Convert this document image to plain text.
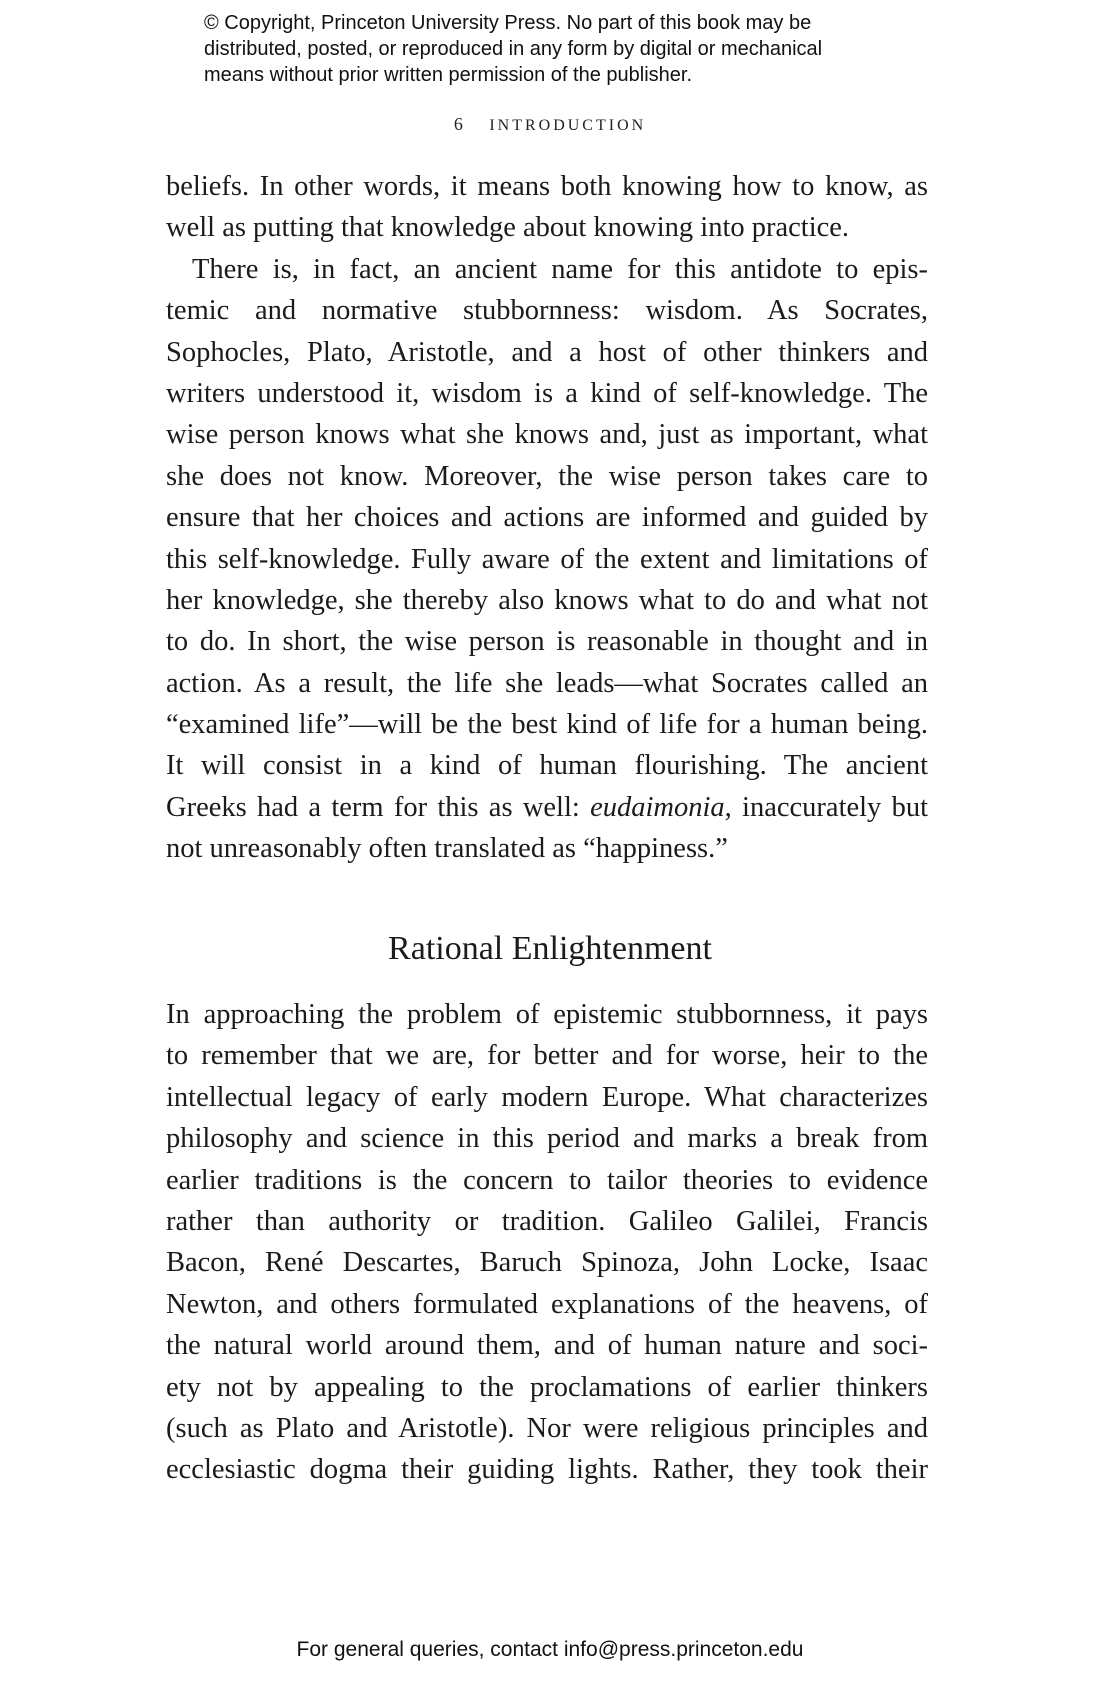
© Copyright, Princeton University Press. No part of this book may be
distributed, posted, or reproduced in any form by digital or mechanical
means without prior written permission of the publisher.
6 INTRODUCTION
beliefs. In other words, it means both knowing how to know, as
well as putting that knowledge about knowing into practice.
There is, in fact, an ancient name for this antidote to epis-
temic and normative stubbornness: wisdom. As Socrates,
Sophocles, Plato, Aristotle, and a host of other thinkers and
writers understood it, wisdom is a kind of self-knowledge. The
wise person knows what she knows and, just as important, what
she does not know. Moreover, the wise person takes care to
ensure that her choices and actions are informed and guided by
this self-knowledge. Fully aware of the extent and limitations of
her knowledge, she thereby also knows what to do and what not
to do. In short, the wise person is reasonable in thought and in
action. As a result, the life she leads—what Socrates called an
“examined life”—will be the best kind of life for a human being.
It will consist in a kind of human flourishing. The ancient
Greeks had a term for this as well: eudaimonia, inaccurately but
not unreasonably often translated as “happiness.”
Rational Enlightenment
In approaching the problem of epistemic stubbornness, it pays
to remember that we are, for better and for worse, heir to the
intellectual legacy of early modern Europe. What characterizes
philosophy and science in this period and marks a break from
earlier traditions is the concern to tailor theories to evidence
rather than authority or tradition. Galileo Galilei, Francis
Bacon, René Descartes, Baruch Spinoza, John Locke, Isaac
Newton, and others formulated explanations of the heavens, of
the natural world around them, and of human nature and soci-
ety not by appealing to the proclamations of earlier thinkers
(such as Plato and Aristotle). Nor were religious principles and
ecclesiastic dogma their guiding lights. Rather, they took their
For general queries, contact info@press.princeton.edu
